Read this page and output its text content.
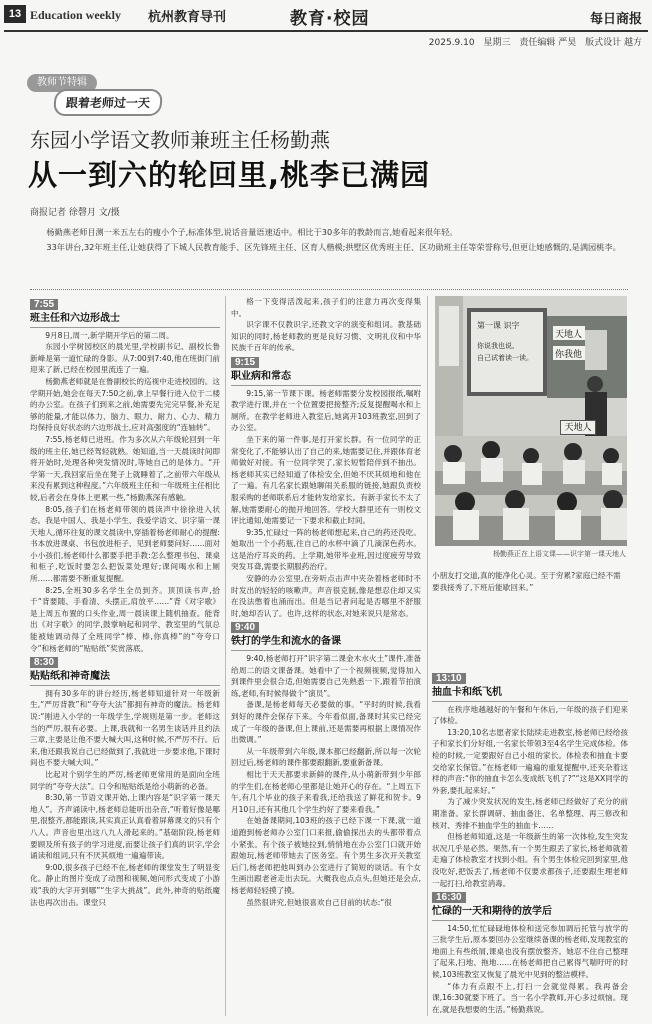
13 Education weekly 杭州教育导刊	教育·校园	每日商报
2025.9.10 星期三 责任编辑 严昊 版式设计 越方
教师节特辑
跟着老师过一天
东园小学语文教师兼班主任杨勤燕
从一到六的轮回里,桃李已满园
商报记者 徐磬月 文/摄

杨勤燕老师目测一米五左右的瘦小个子,标准体型,说话音量语速适中。相比于30多年的教龄而言,她看起来很年轻。

33年讲台,32年班主任,让她获得了下城人民教育能手、区先锋班主任、区育人楷模;拱墅区优秀班主任、区功勋班主任等荣誉称号,但更让她感慨的,是满园桃李。

7:55
班主任和六边形战士

9月8日,周一,新学期开学后的第二周。

东园小学树园校区的晨光里,学校副书记、副校长鲁新峰是第一道忙碌的身影。从7:00到7:40,他在班街门前迎来了新,已经在校园里流连了一遍。

杨勤燕老师就是在鲁副校长的巡视中走进校园的。这学期开始,她会在每天7:50之前,拿上早餐行进入位于二楼的办公室。在孩子们到来之前,她需要先完完早餐,补充足够的能量,才能以体力、脑力、眼力、耐力、心力、精力均保持良好状态的六边形战士,应对高强度的“连轴转”。

7:55,杨老师已进班。作为多次从六年级轮回到一年级的班主任,她已经驾轻就熟。她知道,当一天晨读时间即将开始时,处理各种突发情况时,等她自己的是体力。“开学第一天,我回家后坐在凳子上就睡着了,之前带六年级从来没有累到这种程度。”六年级班主任和一年级班主任相比较,后者会在身体上更累一些,“杨勤燕深有感触。

8:05,孩子们在杨老师带领的晨读声中徐徐进入状态。我是中国人、我是小学生、我爱学语文、识字第一课天地人,循环往复的课文晨读中,穿插着杨老师耐心的提醒:书本放进课桌、书包放进柜子、见到老师要问好……面对小小孩们,杨老师什么都要手把手教:怎么整理书包、课桌和柜子,吃饭时要怎么把饭菜处理好;课间喝水和上厕所……都需要不断重复提醒。

8:25,全班30多名学生全员到齐。顶顶读书声,拾千“背要随、手看清、头摆正,肩放平……”背《对字歌》是上周五布置的口头作业,周一晨读课上随机抽查。能背出《对字歌》的同学,鼓掌响起和同学、教室里的气氛总能被她调动得了全班同学“棒、棒,你真棒”的“夸夸口令”和杨老师的“贴贴纸”奖赏落底。

8:30
贴贴纸和神奇魔法

拥有30多年的讲台经历,杨老师知道针对一年级新生,“严厉背教”和“夸夸大法”都拥有神奇的魔法。杨老师说:“刚进入小学的一年级学生,学规则是第一步。老师这当的严厉,很有必要。上课,我就和一名男生谈话并且约法三章,主要是让他不要大喊大叫,这种时候,不严厉不行。后来,他还跟我说自己已经做到了,我就进一步要求他,下课时间也不要大喊大叫。”

比起对个别学生的严厉,杨老师更常用的是面向全班同学的“夸夸大法”。口令和贴贴纸是给小萌新的必备。

8:30,第一节语文课开始,上课内容是“识字第一课天地人”。齐声诵读中,杨老师总能听出杂音,“听着好像是哪里,很整齐,都能跟读,其实真正认真看着屏幕课文的只有个八人。声音也里出这八九人滑起来的。”基础阶段,杨老师要顾及所有孩子的学习进度,而要让孩子们真的识字,学会诵读和组词,只有不厌其烦地一遍遍带读。

9:00,很多孩子已经不在,杨老师的课堂发生了明显变化。静止的图片变成了动图和视频,她问形式变成了小游戏“我的大字开到哪”“生字大挑战”。此外,神奇的贴纸魔法也再次出击。课堂只

格一下变得活泼起来,孩子们的注意力再次变得集中。

识字课不仅教识字,还教文字的演变和组词。教基础知识的同时,杨老师教的更是良好习惯、文明礼仪和中华民族千百年的传承。

9:15
职业病和常态

9:15,第一节课下课。杨老师需要分发校园报纸,嘱咐教学进行课,并在一个位置要把接整齐;反复提醒喝水和上厕所。在教学老师进入教室后,她离开103班教室,回到了办公室。

坐下来的第一件事,是打开家长群。有一位同学的正常变化了,不能够认出了自己的来,她需要记住,并跟体育老师做好对接。有一位同学哭了,家长短暂陪伴到不抽出。杨老师其实已经知道了体检安全,但她不厌其烦地和他在了一遍。有几名家长跟她聊闹关系服的链接,她跟负责校服采购的老师联系后才能转发给家长。有新手家长不太了解,她需要耐心的抛开地回答。学校大群里还有一则校文评比通知,她需要记一下要求和截止时间。

9:35,忙碌过一阵的杨老师想起来,自己的药还没吃。她取出一个小药瓶,往自己的水杯中滴了几滴深色药水。这是治疗耳炎的药。上学期,她带毕业班,因过度疲劳导致突发耳聋,需要长期服药治疗。

安静的办公室里,在旁听点击声中夹杂着杨老师时不时发出的轻轻的咳嗽声。声音很克制,像是想忍住却又实在没法憋着也涌而出。但是当记者问起是否哪里不舒服时,她却否认了。也许,这样的状态,对她来说只是常态。

9:40
铁打的学生和流水的备课

9:40,杨老师打开“识字第二课金木水火土”课件,准备给周二的语文课备课。她看中了一个视频视频,觉得加入到课件里会很合适,但她需要自己先熟悉一下,跟着节拍演练,老师,有时候得做个“演员”。

备课,是杨老师每天必要做的事。“平时的时候,我看到好的课件会保存下来。今年看似面,备课时其实已经完成了一年级的备课,但上课前,还是需要再根据上课情况作出微调。”

从一年级带到六年级,课本都已经翻新,所以每一次轮回过后,杨老师的课件都要跟翻新,要重新备课。

相比于天天都要求新鲜的课件,从小萌新带到少年郎的学生们,在杨老师心里都是让她开心的存在。“上周五下午,有几个毕业的孩子来看我,还给我送了鲜花和贺卡。9月10日,还有其他几个学生约好了要来看我。”

在她备课期间,103班的孩子已经下课一下课,就一道道跑到杨老师办公室门口来报,偷偷探出去的头都带着点小紧张。有个孩子被她拉到,悄悄地在办公室门口就开始跟她玩,杨老师带她去了医务室。有个男生多次开关教室后门,杨老师把他叫到办公室进行了简短的谈话。有个女生画出跟老爸走出去玩。大概我也点点头,但她还是会点,杨老师轻轻摸了摸。

虽然很讲究,但她很喜欢自己目前的状态:“很

第一课 识字
你说我也说,
自己试着读一读。
天地人
你我他
杨勤燕正在上语文课——识字第一课天地人
天地人

小朋友打交道,真的能净化心灵。至于穷累?家庭已经不需要我接秀了,下班后能歇回来。”

13:10
抽血卡和纸飞机

在秩序地越越好的午餐和午休后,一年级的孩子们迎来了体检。

13:20,10名志愿者家长陆续走进教室,杨老师已经给孩子和家长们分好组,一名家长带领3至4名学生完成体检。体检的时候,一定要跟好自己小组的家长。体检表和抽血卡要交给家长保管。”在杨老师一遍遍的重复提醒中,还夹杂着这样的声音:“你的抽血卡怎么变成纸飞机了?”“这是XX同学的外套,要扎起来好。”

为了减少突发状况的发生,杨老师已经做好了充分的前期准备。家长群调研、抽血备注、名单整理、再三修改和核对、秀排不抽血学生的抽血卡……

但杨老师知道,这是一年级新生的第一次体检,发生突发状况几乎是必然。果然,有一个男生跟丢了家长,杨老师就着走遍了体检教室才找到小组。有个男生体检完回到家里,他没吃好,把饭丢了,杨老师不仅要求都孩子,还要跟生理老师一起打扫,给教室消毒。

16:30
忙碌的一天和期待的放学后

14:50,忙忙碌碌地体检和送完参加调后托管与放学的三批学生后,原本要回办公室继续备课的杨老师,发现教室的地面上有些纸屑,课桌也没有摆放整齐。她忍不住自己整理了起来,扫地、拖地……在杨老师把自己累得气喘吁吁的时候,103班教室又恢复了晨光中见到的整洁模样。

“体力有点跟不上,打扫一会就觉得累。我再备会课,16:30就要下班了。当一名小学教师,开心多过烦恼。现在,就是我想要的生活。”杨勤燕说。
